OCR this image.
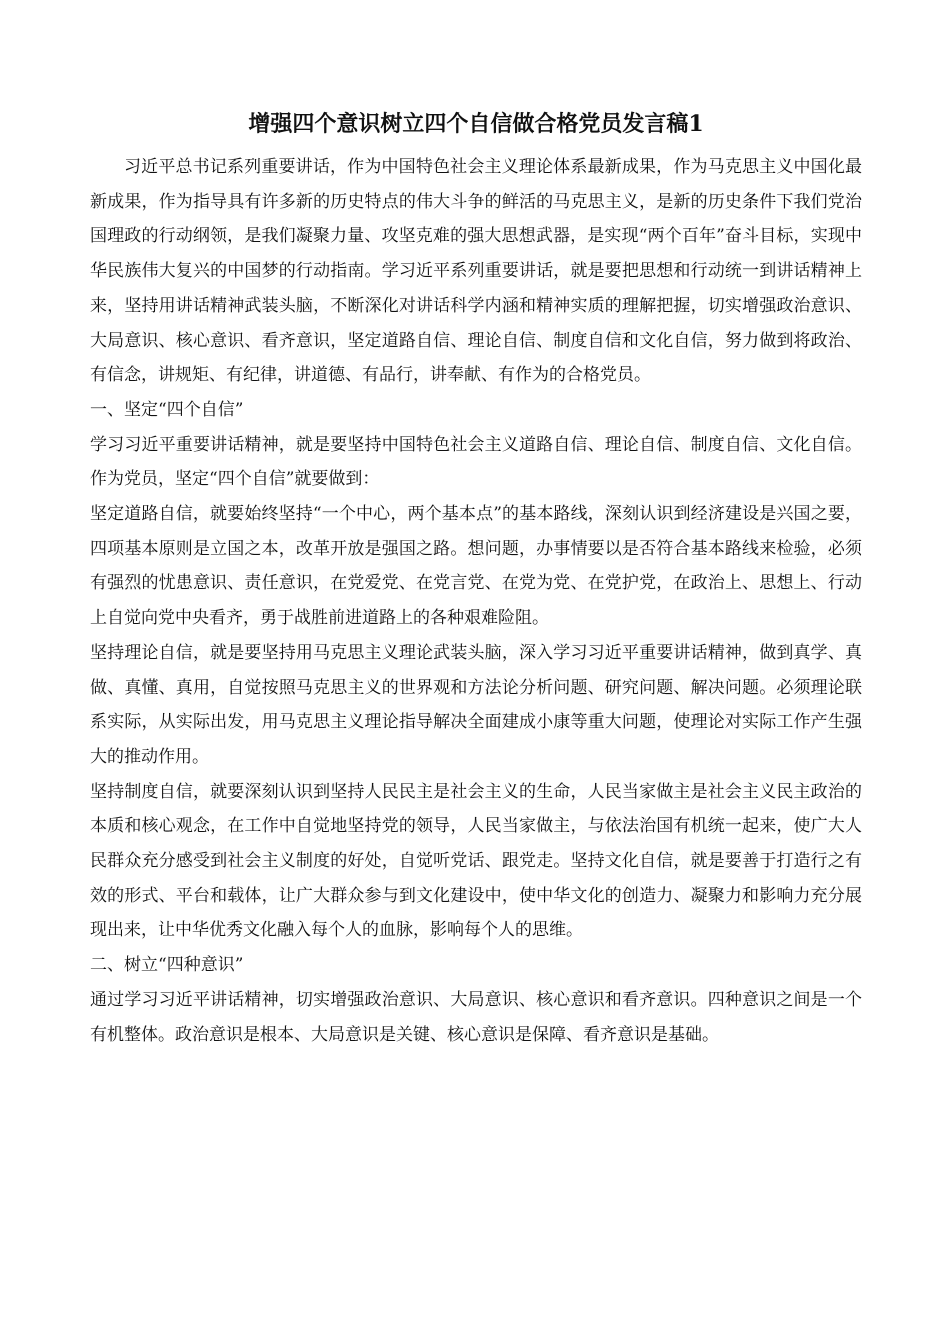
增强四个意识树立四个自信做合格党员发言稿1

习近平总书记系列重要讲话，作为中国特色社会主义理论体系最新成果，作为马克思主义中国化最新成果，作为指导具有许多新的历史特点的伟大斗争的鲜活的马克思主义，是新的历史条件下我们党治国理政的行动纲领，是我们凝聚力量、攻坚克难的强大思想武器，是实现“两个百年”奋斗目标，实现中华民族伟大复兴的中国梦的行动指南。学习近平系列重要讲话，就是要把思想和行动统一到讲话精神上来，坚持用讲话精神武装头脑，不断深化对讲话科学内涵和精神实质的理解把握，切实增强政治意识、大局意识、核心意识、看齐意识，坚定道路自信、理论自信、制度自信和文化自信，努力做到将政治、有信念，讲规矩、有纪律，讲道德、有品行，讲奉献、有作为的合格党员。

一、坚定“四个自信”

学习习近平重要讲话精神，就是要坚持中国特色社会主义道路自信、理论自信、制度自信、文化自信。作为党员，坚定“四个自信”就要做到：

坚定道路自信，就要始终坚持“一个中心，两个基本点”的基本路线，深刻认识到经济建设是兴国之要，四项基本原则是立国之本，改革开放是强国之路。想问题，办事情要以是否符合基本路线来检验，必须有强烈的忧患意识、责任意识，在党爱党、在党言党、在党为党、在党护党，在政治上、思想上、行动上自觉向党中央看齐，勇于战胜前进道路上的各种艰难险阻。

坚持理论自信，就是要坚持用马克思主义理论武装头脑，深入学习习近平重要讲话精神，做到真学、真做、真懂、真用，自觉按照马克思主义的世界观和方法论分析问题、研究问题、解决问题。必须理论联系实际，从实际出发，用马克思主义理论指导解决全面建成小康等重大问题，使理论对实际工作产生强大的推动作用。

坚持制度自信，就要深刻认识到坚持人民民主是社会主义的生命，人民当家做主是社会主义民主政治的本质和核心观念，在工作中自觉地坚持党的领导，人民当家做主，与依法治国有机统一起来，使广大人民群众充分感受到社会主义制度的好处，自觉听党话、跟党走。坚持文化自信，就是要善于打造行之有效的形式、平台和载体，让广大群众参与到文化建设中，使中华文化的创造力、凝聚力和影响力充分展现出来，让中华优秀文化融入每个人的血脉，影响每个人的思维。

二、树立“四种意识”

通过学习习近平讲话精神，切实增强政治意识、大局意识、核心意识和看齐意识。四种意识之间是一个有机整体。政治意识是根本、大局意识是关键、核心意识是保障、看齐意识是基础。
